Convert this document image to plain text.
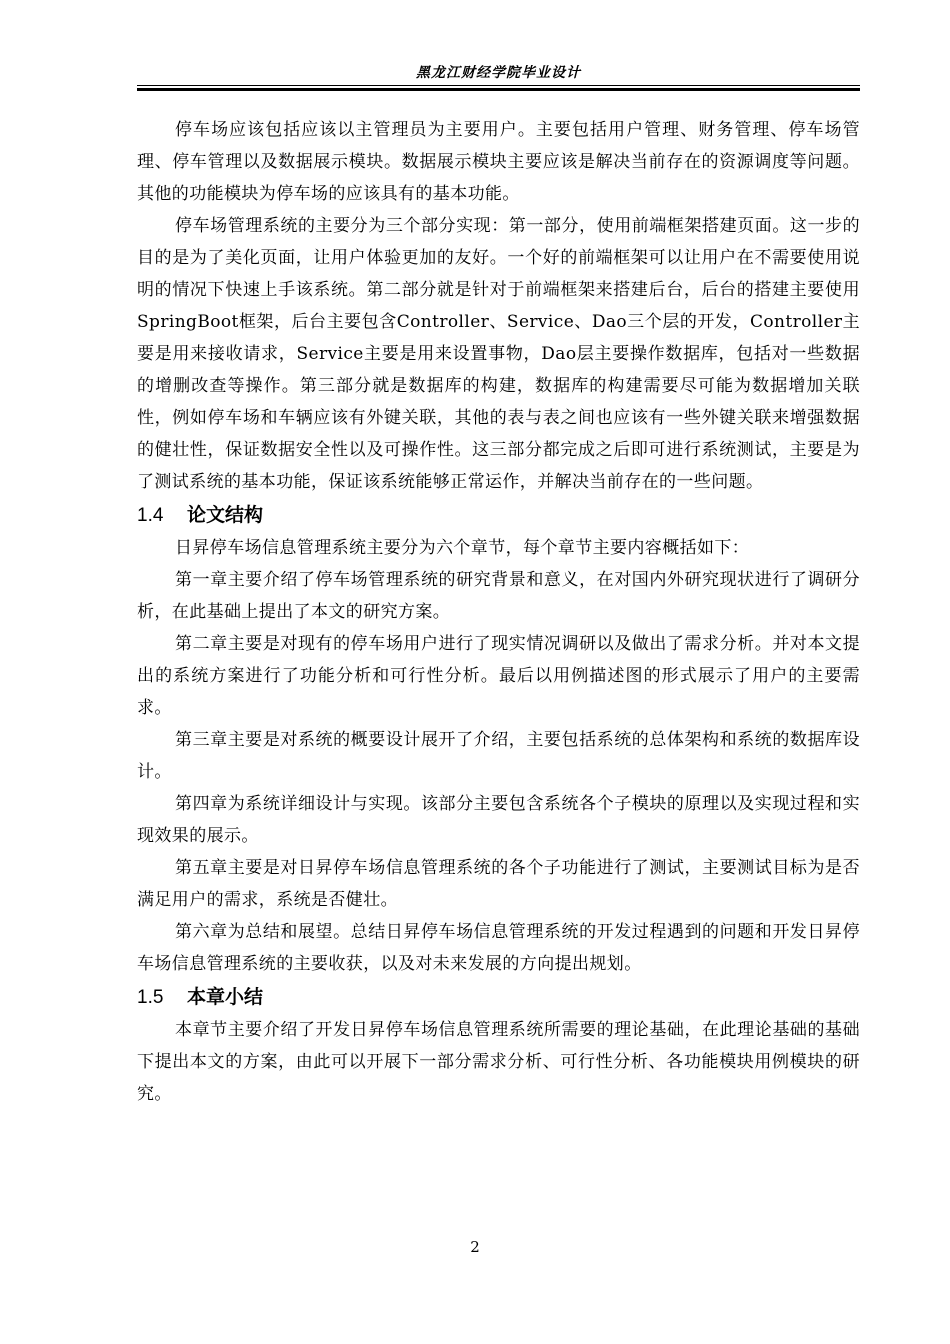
黑龙江财经学院毕业设计

停车场应该包括应该以主管理员为主要用户。主要包括用户管理、财务管理、停车场管理、停车管理以及数据展示模块。数据展示模块主要应该是解决当前存在的资源调度等问题。其他的功能模块为停车场的应该具有的基本功能。

停车场管理系统的主要分为三个部分实现：第一部分，使用前端框架搭建页面。这一步的目的是为了美化页面，让用户体验更加的友好。一个好的前端框架可以让用户在不需要使用说明的情况下快速上手该系统。第二部分就是针对于前端框架来搭建后台，后台的搭建主要使用SpringBoot框架，后台主要包含Controller、Service、Dao三个层的开发，Controller主要是用来接收请求，Service主要是用来设置事物，Dao层主要操作数据库，包括对一些数据的增删改查等操作。第三部分就是数据库的构建，数据库的构建需要尽可能为数据增加关联性，例如停车场和车辆应该有外键关联，其他的表与表之间也应该有一些外键关联来增强数据的健壮性，保证数据安全性以及可操作性。这三部分都完成之后即可进行系统测试，主要是为了测试系统的基本功能，保证该系统能够正常运作，并解决当前存在的一些问题。

1.4 论文结构

日昇停车场信息管理系统主要分为六个章节，每个章节主要内容概括如下：

第一章主要介绍了停车场管理系统的研究背景和意义，在对国内外研究现状进行了调研分析，在此基础上提出了本文的研究方案。

第二章主要是对现有的停车场用户进行了现实情况调研以及做出了需求分析。并对本文提出的系统方案进行了功能分析和可行性分析。最后以用例描述图的形式展示了用户的主要需求。

第三章主要是对系统的概要设计展开了介绍，主要包括系统的总体架构和系统的数据库设计。

第四章为系统详细设计与实现。该部分主要包含系统各个子模块的原理以及实现过程和实现效果的展示。

第五章主要是对日昇停车场信息管理系统的各个子功能进行了测试，主要测试目标为是否满足用户的需求，系统是否健壮。

第六章为总结和展望。总结日昇停车场信息管理系统的开发过程遇到的问题和开发日昇停车场信息管理系统的主要收获，以及对未来发展的方向提出规划。

1.5 本章小结

本章节主要介绍了开发日昇停车场信息管理系统所需要的理论基础，在此理论基础的基础下提出本文的方案，由此可以开展下一部分需求分析、可行性分析、各功能模块用例模块的研究。

2
